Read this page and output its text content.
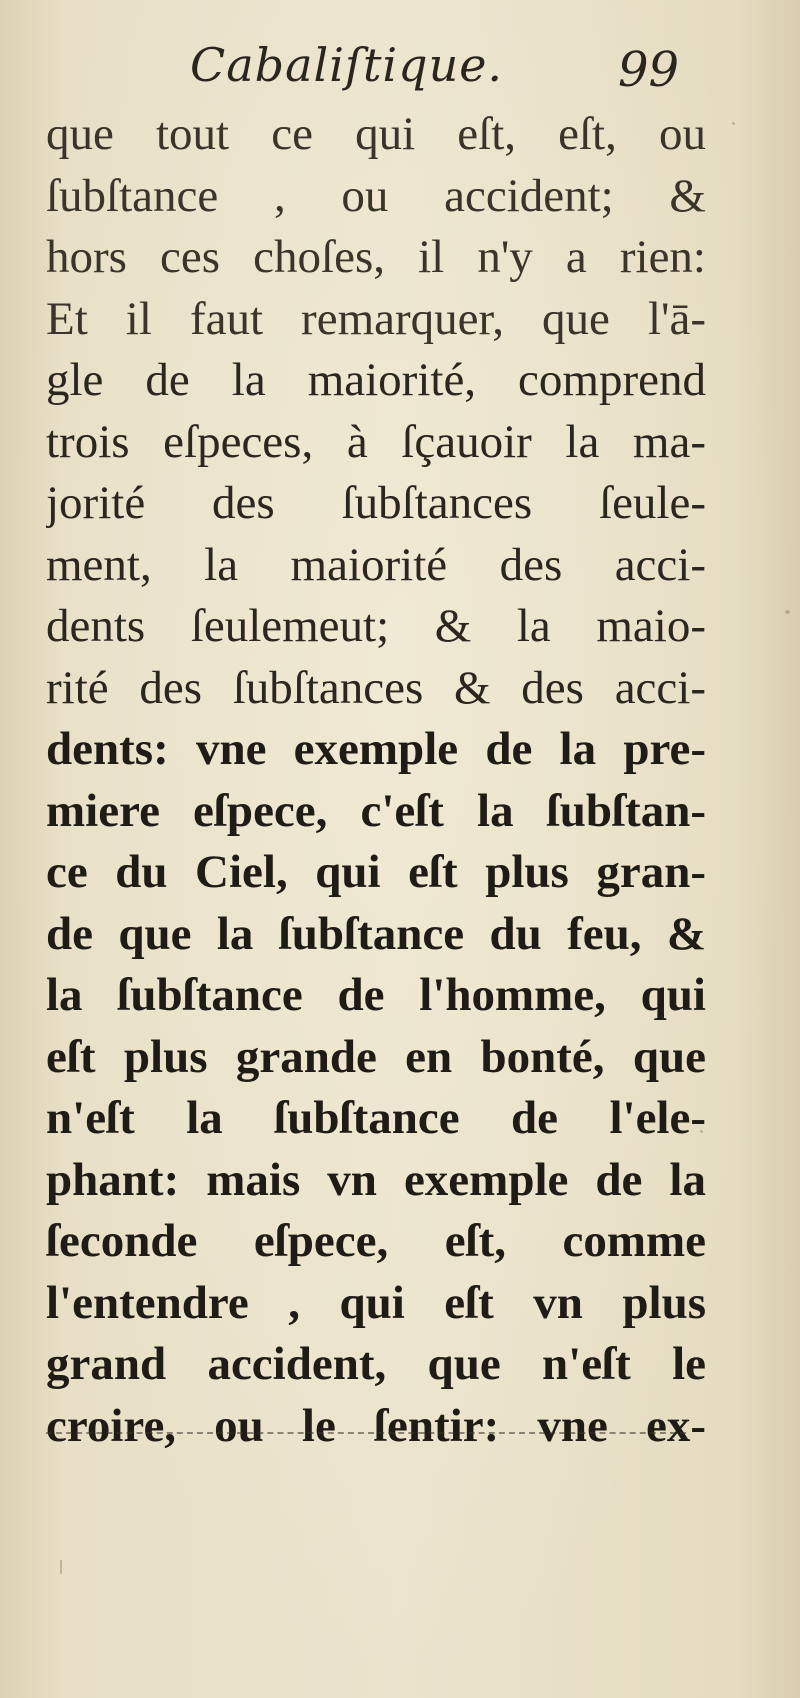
Cabaliſtique. 99
que tout ce qui eſt, eſt, ou
ſubſtance , ou accident; &
hors ces choſes, il n'y a rien:
Et il faut remarquer, que l'ā-
gle de la maiorité, comprend
trois eſpeces, à ſçauoir la ma-
jorité des ſubſtances ſeule-
ment, la maiorité des acci-
dents ſeulemeut; & la maio-
rité des ſubſtances & des acci-
dents: vne exemple de la pre-
miere eſpece, c'eſt la ſubſtan-
ce du Ciel, qui eſt plus gran-
de que la ſubſtance du feu, &
la ſubſtance de l'homme, qui
eſt plus grande en bonté, que
n'eſt la ſubſtance de l'ele-
phant: mais vn exemple de la
ſeconde eſpece, eſt, comme
l'entendre , qui eſt vn plus
grand accident, que n'eſt le
croire, ou le ſentir: vne ex-
